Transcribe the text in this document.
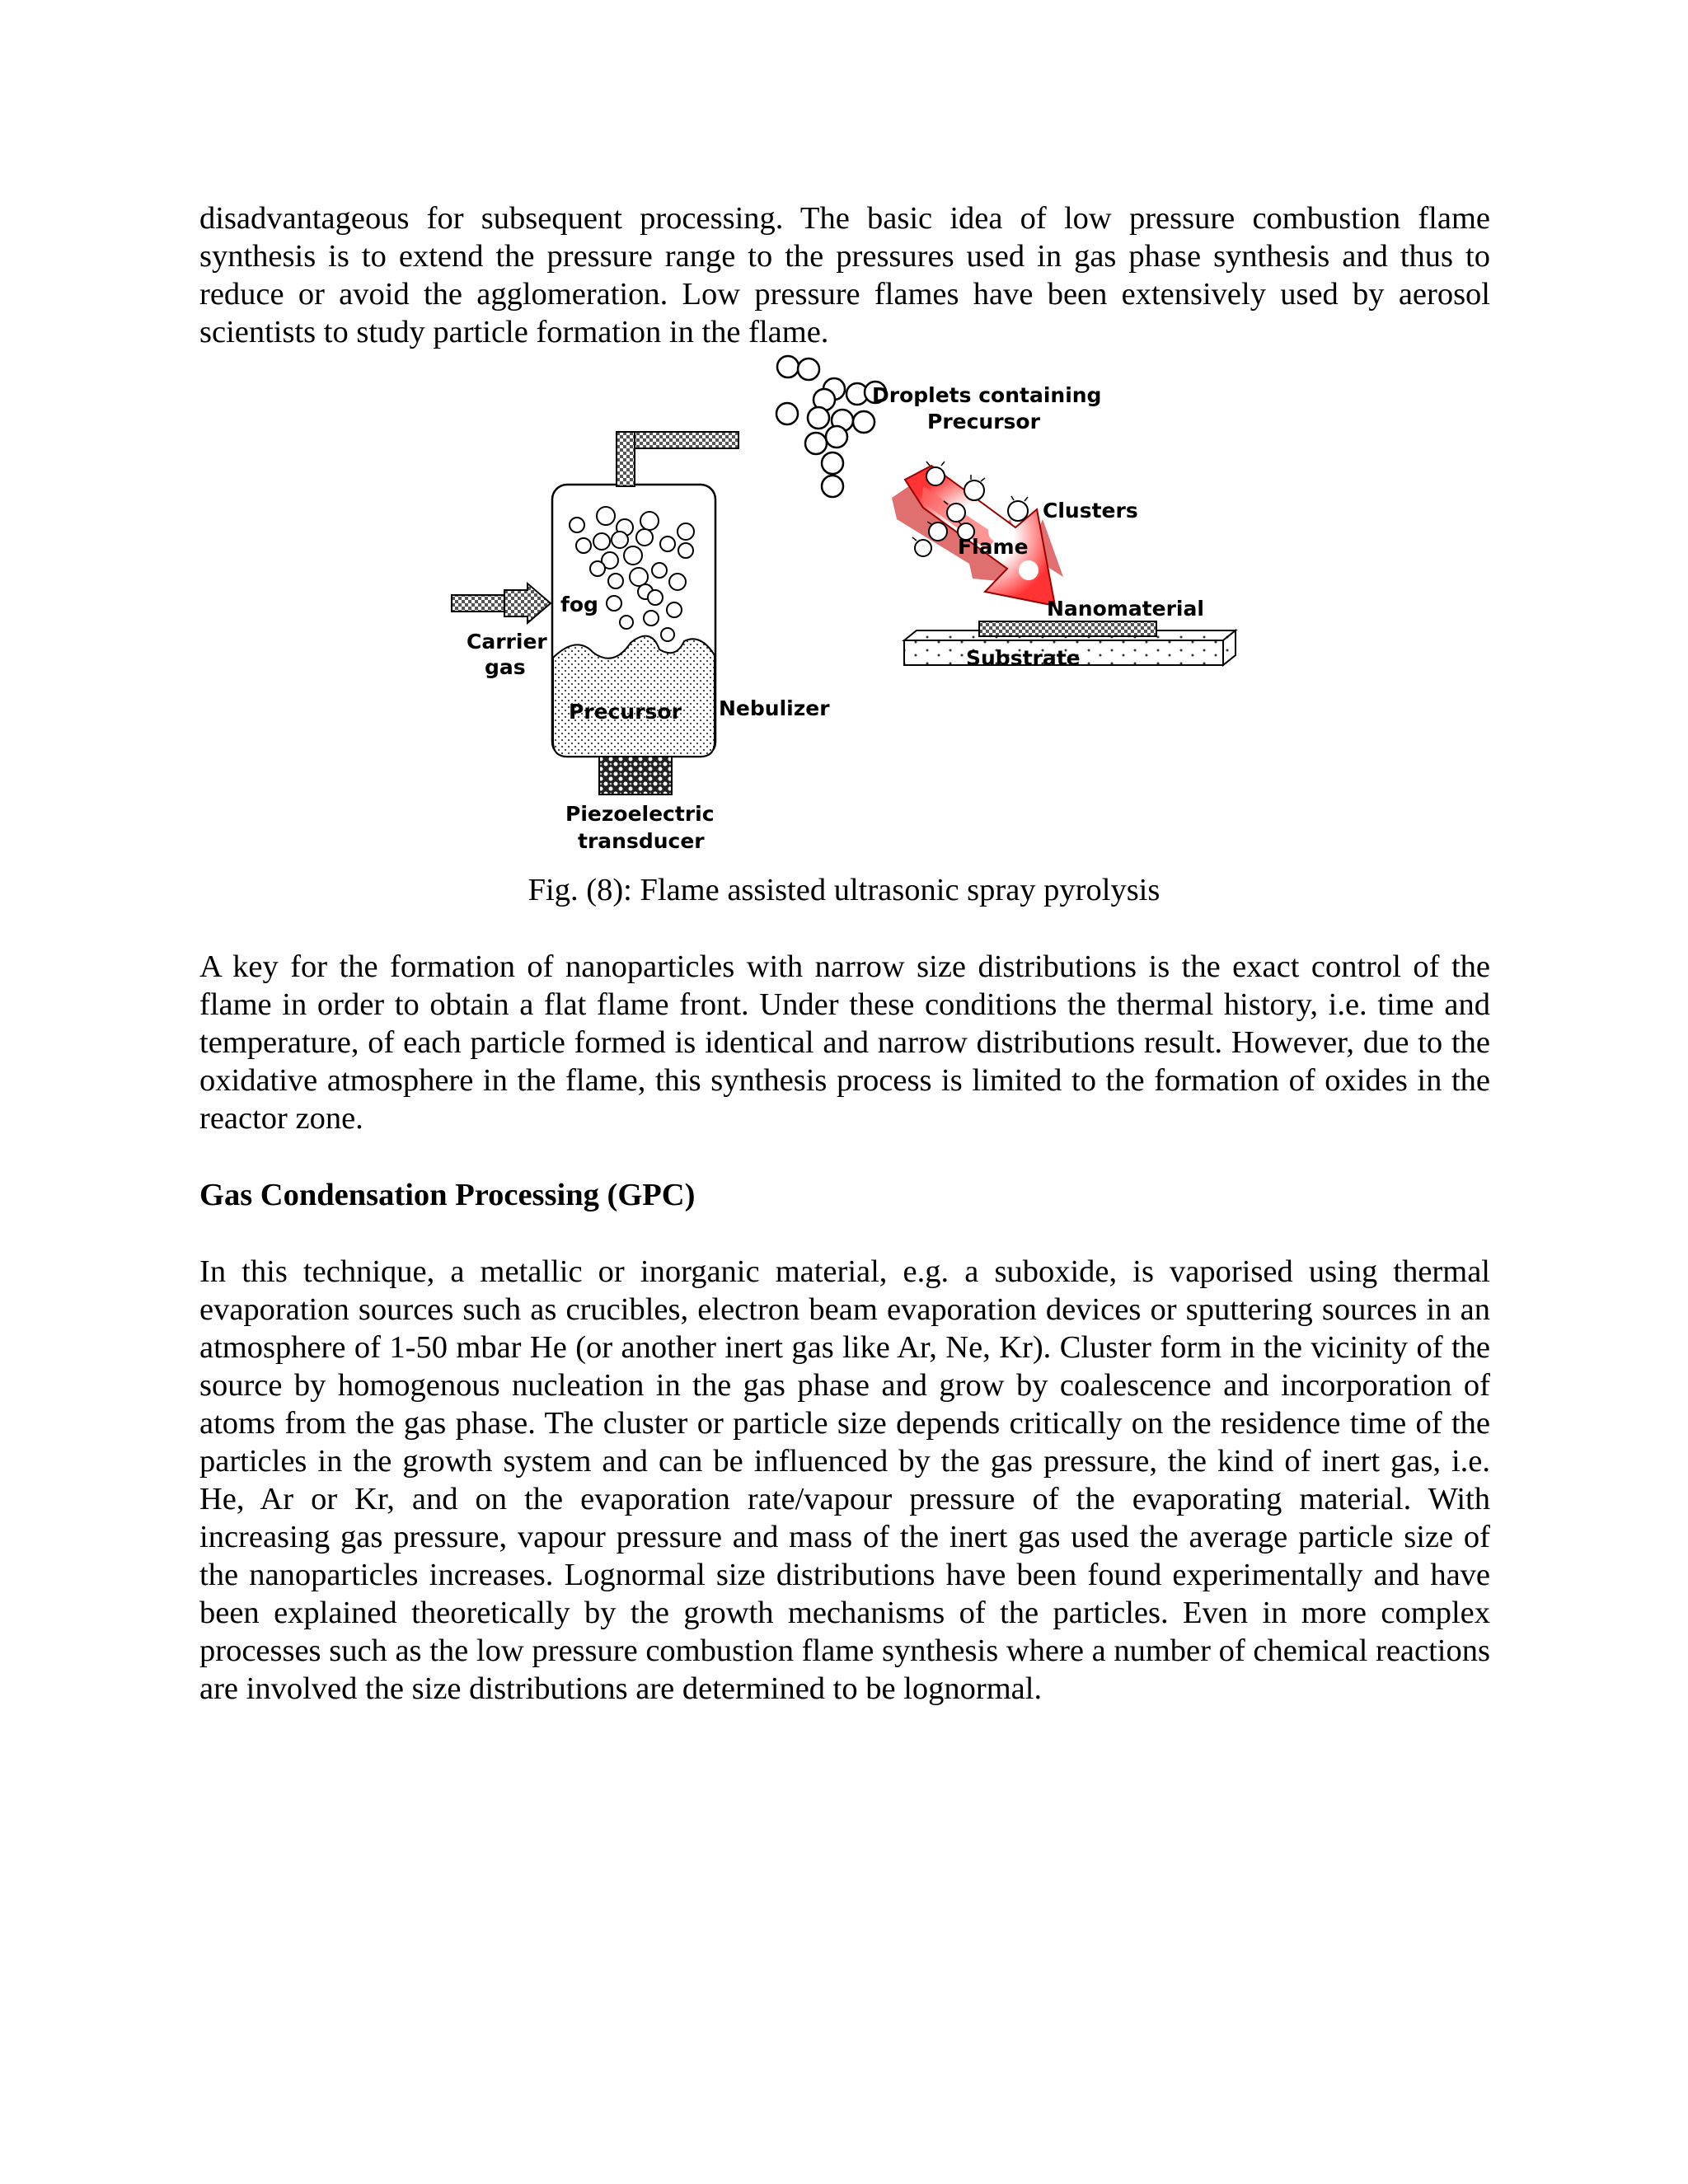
disadvantageous for subsequent processing. The basic idea of low pressure combustion flame synthesis is to extend the pressure range to the pressures used in gas phase synthesis and thus to reduce or avoid the agglomeration. Low pressure flames have been extensively used by aerosol scientists to study particle formation in the flame.

Droplets containing
Precursor
Clusters
Flame
Nanomaterial
Substrate
fog
Carrier
gas
Precursor Nebulizer
Piezoelectric
transducer

Fig. (8): Flame assisted ultrasonic spray pyrolysis

A key for the formation of nanoparticles with narrow size distributions is the exact control of the flame in order to obtain a flat flame front. Under these conditions the thermal history, i.e. time and temperature, of each particle formed is identical and narrow distributions result. However, due to the oxidative atmosphere in the flame, this synthesis process is limited to the formation of oxides in the reactor zone.

Gas Condensation Processing (GPC)

In this technique, a metallic or inorganic material, e.g. a suboxide, is vaporised using thermal evaporation sources such as crucibles, electron beam evaporation devices or sputtering sources in an atmosphere of 1-50 mbar He (or another inert gas like Ar, Ne, Kr). Cluster form in the vicinity of the source by homogenous nucleation in the gas phase and grow by coalescence and incorporation of atoms from the gas phase. The cluster or particle size depends critically on the residence time of the particles in the growth system and can be influenced by the gas pressure, the kind of inert gas, i.e. He, Ar or Kr, and on the evaporation rate/vapour pressure of the evaporating material. With increasing gas pressure, vapour pressure and mass of the inert gas used the average particle size of the nanoparticles increases. Lognormal size distributions have been found experimentally and have been explained theoretically by the growth mechanisms of the particles. Even in more complex processes such as the low pressure combustion flame synthesis where a number of chemical reactions are involved the size distributions are determined to be lognormal.
